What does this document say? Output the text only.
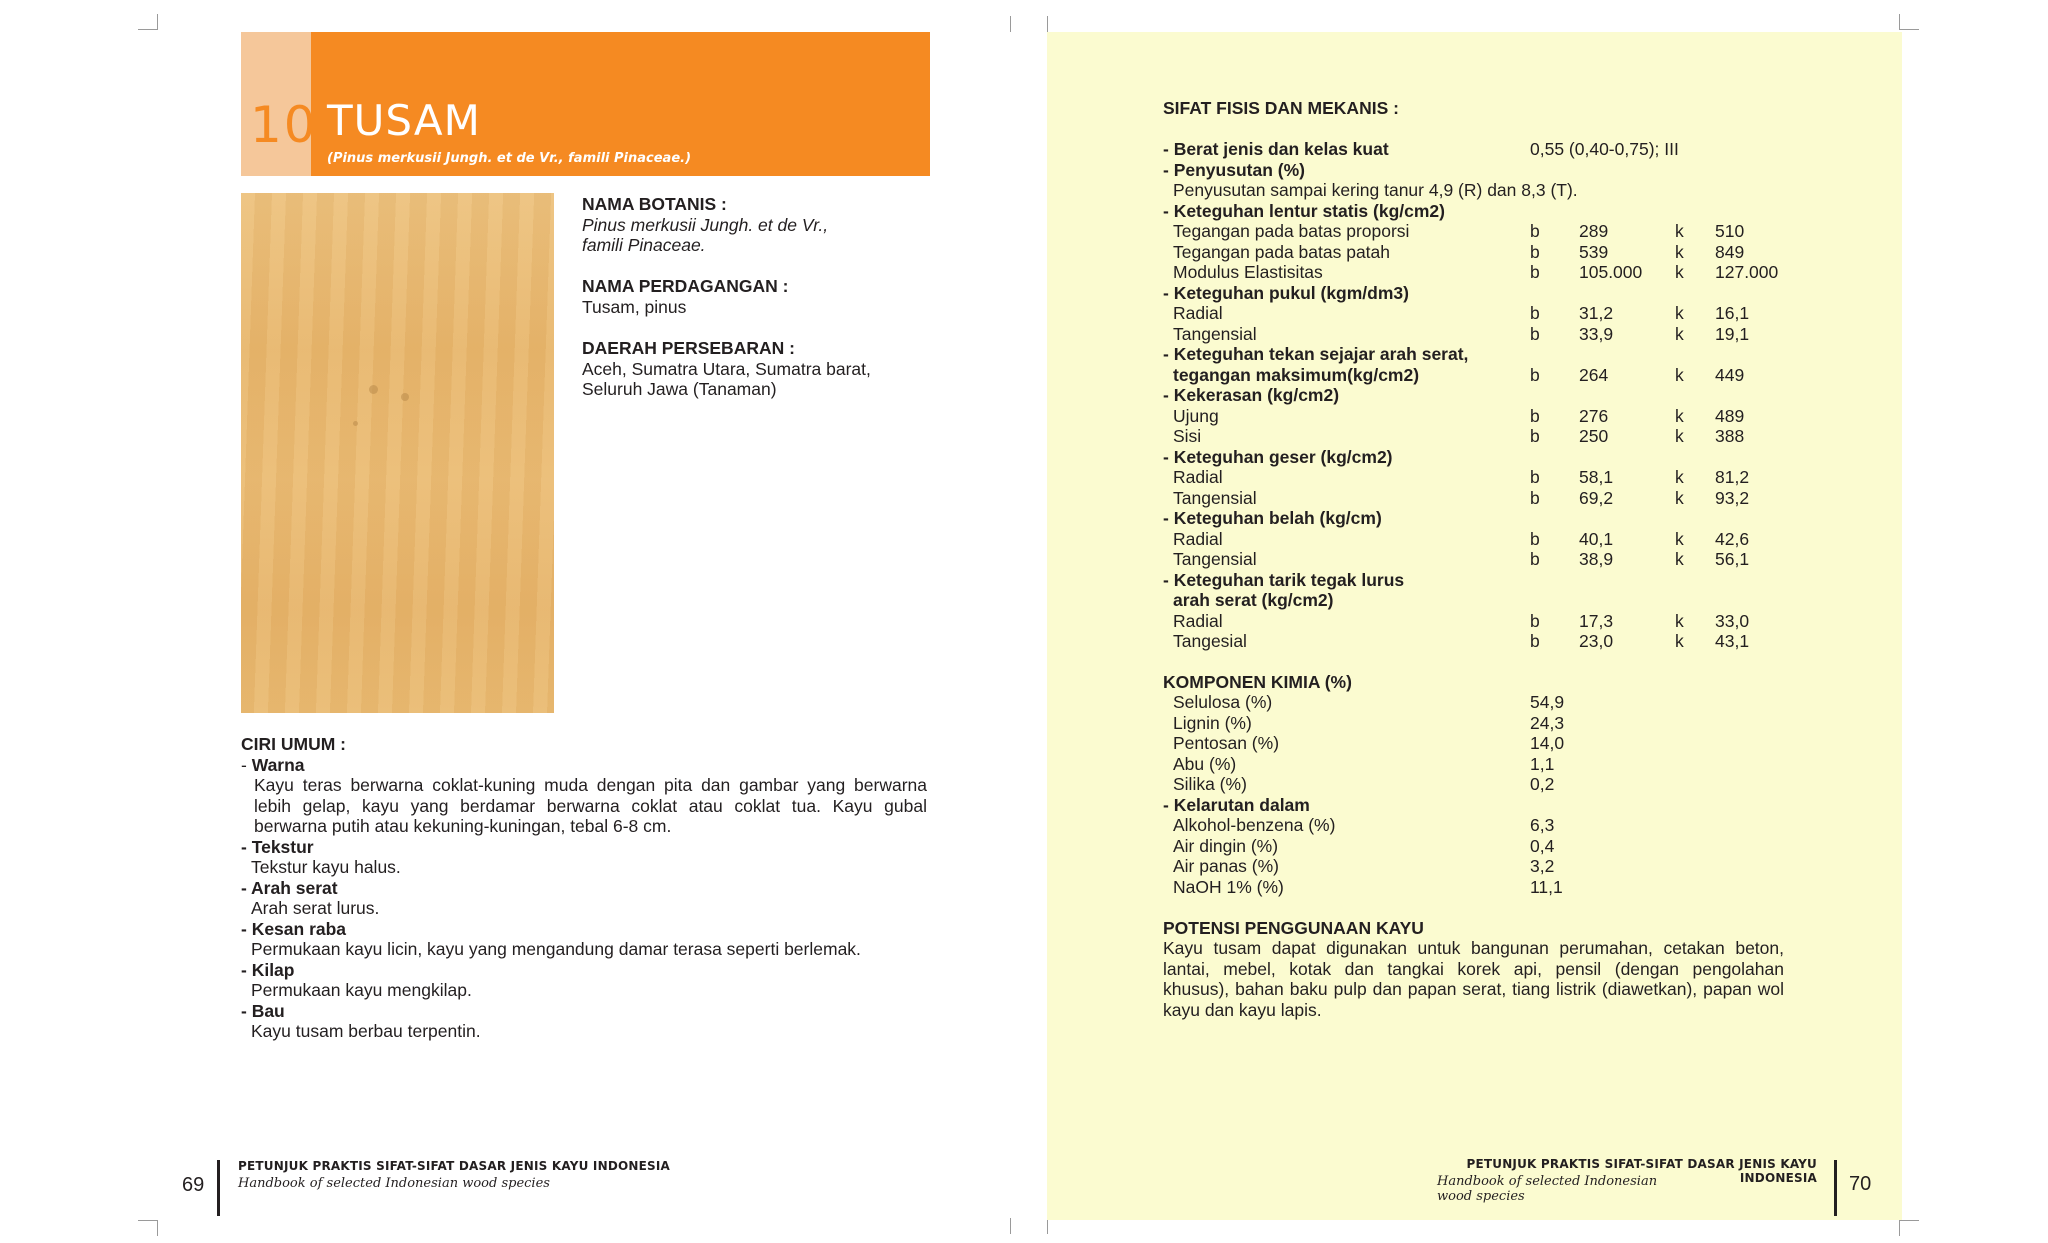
10 TUSAM
(Pinus merkusii Jungh. et de Vr., famili Pinaceae.)
NAMA BOTANIS :
Pinus merkusii Jungh. et de Vr.,
famili Pinaceae.
NAMA PERDAGANGAN :
Tusam, pinus
DAERAH PERSEBARAN :
Aceh, Sumatra Utara, Sumatra barat,
Seluruh Jawa (Tanaman)
CIRI UMUM :
- Warna
Kayu teras berwarna coklat-kuning muda dengan pita dan gambar yang berwarna
lebih gelap, kayu yang berdamar berwarna coklat atau coklat tua. Kayu gubal
berwarna putih atau kekuning-kuningan, tebal 6-8 cm.
- Tekstur
Tekstur kayu halus.
- Arah serat
Arah serat lurus.
- Kesan raba
Permukaan kayu licin, kayu yang mengandung damar terasa seperti berlemak.
- Kilap
Permukaan kayu mengkilap.
- Bau
Kayu tusam berbau terpentin.
69
PETUNJUK PRAKTIS SIFAT-SIFAT DASAR JENIS KAYU INDONESIA
Handbook of selected Indonesian wood species
SIFAT FISIS DAN MEKANIS :
- Berat jenis dan kelas kuat	0,55 (0,40-0,75); III
- Penyusutan (%)
Penyusutan sampai kering tanur 4,9 (R) dan 8,3 (T).
- Keteguhan lentur statis (kg/cm2)
Tegangan pada batas proporsi	b 289	k 510
Tegangan pada batas patah	b 539	k 849
Modulus Elastisitas	b 105.000 k 127.000
- Keteguhan pukul (kgm/dm3)
Radial	b 31,2	k 16,1
Tangensial	b 33,9	k 19,1
- Keteguhan tekan sejajar arah serat,
tegangan maksimum(kg/cm2)	b 264	k 449
- Kekerasan (kg/cm2)
Ujung	b 276	k 489
Sisi	b 250	k 388
- Keteguhan geser (kg/cm2)
Radial	b 58,1	k 81,2
Tangensial	b 69,2	k 93,2
- Keteguhan belah (kg/cm)
Radial	b 40,1	k 42,6
Tangensial	b 38,9	k 56,1
- Keteguhan tarik tegak lurus
arah serat (kg/cm2)
Radial	b 17,3	k 33,0
Tangesial	b 23,0	k 43,1
KOMPONEN KIMIA (%)
Selulosa (%)	54,9
Lignin (%)	24,3
Pentosan (%)	14,0
Abu (%)	1,1
Silika (%)	0,2
- Kelarutan dalam
Alkohol-benzena (%)	6,3
Air dingin (%)	0,4
Air panas (%)	3,2
NaOH 1% (%)	11,1
POTENSI PENGGUNAAN KAYU
Kayu tusam dapat digunakan untuk bangunan perumahan, cetakan beton,
lantai, mebel, kotak dan tangkai korek api, pensil (dengan pengolahan
khusus), bahan baku pulp dan papan serat, tiang listrik (diawetkan), papan wol
kayu dan kayu lapis.
PETUNJUK PRAKTIS SIFAT-SIFAT DASAR JENIS KAYU INDONESIA
Handbook of selected Indonesian wood species
70
